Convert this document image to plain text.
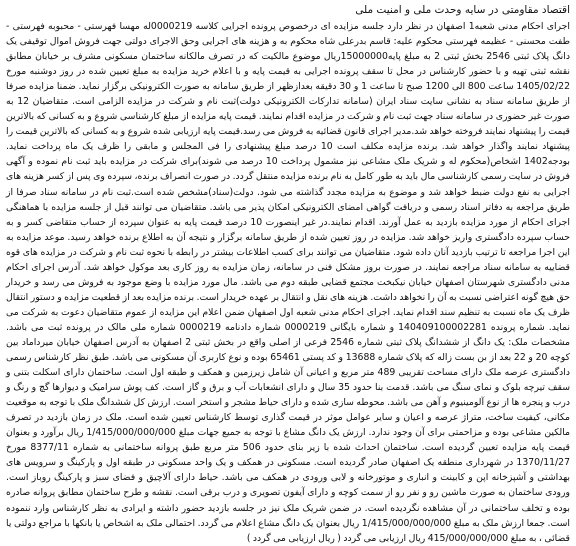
اقتصاد مقاومتی در سایه وحدت ملی و امنیت ملی

اجرای احکام مدنی شعبه1 اصفهان در نظر دارد جلسه مزایده ای درخصوص پرونده اجرایی کلاسه 0000219له مهسا فهرستی - محبوبه فهرستی - طفت محسنی - عظیمه فهرستی محکوم علیه: قاسم بدرعلی شاه محکوم به و هزینه های اجرایی وحق الاجرای دولتی جهت فروش اموال توقیفی یک دانگ پلاک ثبتی 2546 بخش ثبتی 2 به مبلغ پایه15000000ریال موضوع مالکیت که در تصرف مالکانه ساختمان مسکونی مشرف بر خیابان مطابق نقشه ثبتی تهیه و با حضور کارشناس در محل تا سقف پرونده اجرایی به قیمت پایه و با اعلام خرید مزایده به مبلغ تعیین شده در روز دوشنبه مورخ 1405/02/22 ساعت 800 الی 1200 صبح تا ساعت 1 و 30 دقیقه بعدازظهر از طریق سامانه به صورت الکترونیکی برگزار نماید. ضمنا مزایده صرفا از طریق سامانه سناد به نشانی سایت سناد ایران (سامانه تدارکات الکترونیکی دولت)ثبت نام و شرکت در مزایده الزامی است. متقاضیان 12 به صورت غیر حضوری در سامانه سناد جهت ثبت نام و شرکت در مزایده اقدام نمایند. قیمت پایه مزایده از مبلغ کارشناسی شروع و به کسانی که بالاترین قیمت را پیشنهاد نمایند فروخته خواهد شد.مدیر اجرای قانون قضائیه به فروش می رسد.قیمت پایه ارزیابی شده شروع و به کسانی که بالاترین قیمت را پیشنهاد نمایند واگذار خواهد شد. برنده مزایده مکلف است 10 درصد مبلغ پیشنهادی را فی المجلس و مابقی را ظرف یک ماه پرداخت نماید. بودجه1402 اشخاص(محکوم له و شریک ملک مشاعی نیز مشمول پرداخت 10 درصد می شوند)برای شرکت در مزایده باید ثبت نام نموده و آگهی فروش در سایت رسمی کارشناسی مال باید به طور کامل به نام برنده مزایده منتقل گردد. در صورت انصراف برنده، سپرده وی پس از کسر هزینه های اجرایی به نفع دولت ضبط خواهد شد و موضوع به مزایده مجدد گذاشته می شود. دولت(سناد)مشخص شده است.ثبت نام در سامانه سناد صرفا از طریق مراجعه به دفاتر اسناد رسمی و دریافت گواهی امضای الکترونیکی امکان پذیر می باشد. متقاضیان می توانند قبل از جلسه مزایده با هماهنگی اجرای احکام از مورد مزایده بازدید به عمل آورند. اقدام نمایند.در غیر اینصورت 10 درصد قیمت پایه به عنوان سپرده از حساب متقاضی کسر و به حساب سپرده دادگستری واریز خواهد شد. مزایده در روز تعیین شده از طریق سامانه برگزار و نتیجه آن به اطلاع برنده خواهد رسید. موعد مزایده به این اجرا مراجعه تا ترتیب بازدید آنان داده شود. متقاضیان می توانند برای کسب اطلاعات بیشتر در رابطه با نحوه ثبت نام و شرکت در مزایده های قوه قضاییه به سامانه سناد مراجعه نمایند. در صورت بروز مشکل فنی در سامانه، زمان مزایده به روز کاری بعد موکول خواهد شد. آدرس اجرای احکام مدنی دادگستری شهرستان اصفهان خیابان نیکبخت مجتمع قضایی طبقه دوم می باشد. مال مورد مزایده با وضع موجود به فروش می رسد و خریدار حق هیچ گونه اعتراضی نسبت به آن را نخواهد داشت. هزینه های نقل و انتقال بر عهده خریدار است. برنده مزایده بعد از قطعیت مزایده و دستور انتقال ظرف یک ماه نسبت به تنظیم سند اقدام نماید. اجرای احکام مدنی شعبه اول اصفهان ضمن اعلام این مزایده از عموم متقاضیان دعوت به شرکت می نماید. شماره پرونده 140409100002281 و شماره بایگانی 0000219 شماره دادنامه 0000219 شماره ملی مالک در پرونده ثبت می باشد. مشخصات ملک: یک دانگ از ششدانگ پلاک ثبتی شماره 2546 فرعی از اصلی واقع در بخش ثبتی 2 اصفهان به آدرس اصفهان خیابان میرداماد بین کوچه 20 و 22 بعد از بن بست زاله که پلاک شماره 13688 و کد پستی 65461 بوده و نوع کاربری آن مسکونی می باشد. طبق نظر کارشناس رسمی دادگستری عرصه ملک دارای مساحت تقریبی 489 متر مربع و اعیانی آن شامل زیرزمین و همکف و طبقه اول است. ساختمان دارای اسکلت بتنی و سقف تیرچه بلوک و نمای سنگ می باشد. قدمت بنا حدود 35 سال و دارای انشعابات آب و برق و گاز است. کف پوش سرامیک و دیوارها گچ و رنگ و درب و پنجره ها از نوع آلومینیوم و آهن می باشد. محوطه سازی شده و دارای حیاط مشجر و استخر است. ارزش کل ششدانگ ملک با توجه به موقعیت مکانی، کیفیت ساخت، متراژ عرصه و اعیان و سایر عوامل موثر در قیمت گذاری توسط کارشناس تعیین شده است. ملک در زمان بازدید در تصرف مالکین مشاعی بوده و مزاحمتی برای آن وجود ندارد. ارزش یک دانگ مشاع با توجه به جمیع جهات مبلغ 1/415/000/000/000 ریال برآورد و بعنوان قیمت پایه مزایده تعیین گردیده است. ساختمان احداث شده با زیر بنای حدود 506 متر مربع طبق پروانه ساختمانی به شماره 8377/11 مورخ 1370/11/27 در شهرداری منطقه یک اصفهان صادر گردیده است. مسکونی در همکف و یک واحد مسکونی در طبقه اول و پارکینگ و سرویس های بهداشتی و آشپزخانه اپن و کابینت و انباری و موتورخانه و لابی ورودی در همکف می باشد. حیاط دارای آلاچیق و فضای سبز و پارکینگ روباز است. ورودی ساختمان به صورت ماشین رو و نفر رو از سمت کوچه و دارای آیفون تصویری و درب برقی است. نقشه و طرح ساختمان مطابق پروانه صادره بوده و تخلف ساختمانی در آن مشاهده نگردیده است. در ضمن شریک ملک نیز در جلسه بازدید حضور داشته و ایرادی به نظر کارشناس وارد ننموده است. جمعا ارزش ملک به مبلغ 1/415/000/000/000 ریال بعنوان یک دانگ مشاع اعلام می گردد. احتمالی ملک به اشخاص یا بانکها با مراجع دولتی یا قضائی ، به مبلغ 415/000/000/000 ریال ارزیابی می گردد ( ریال ارزیابی می گردد )
